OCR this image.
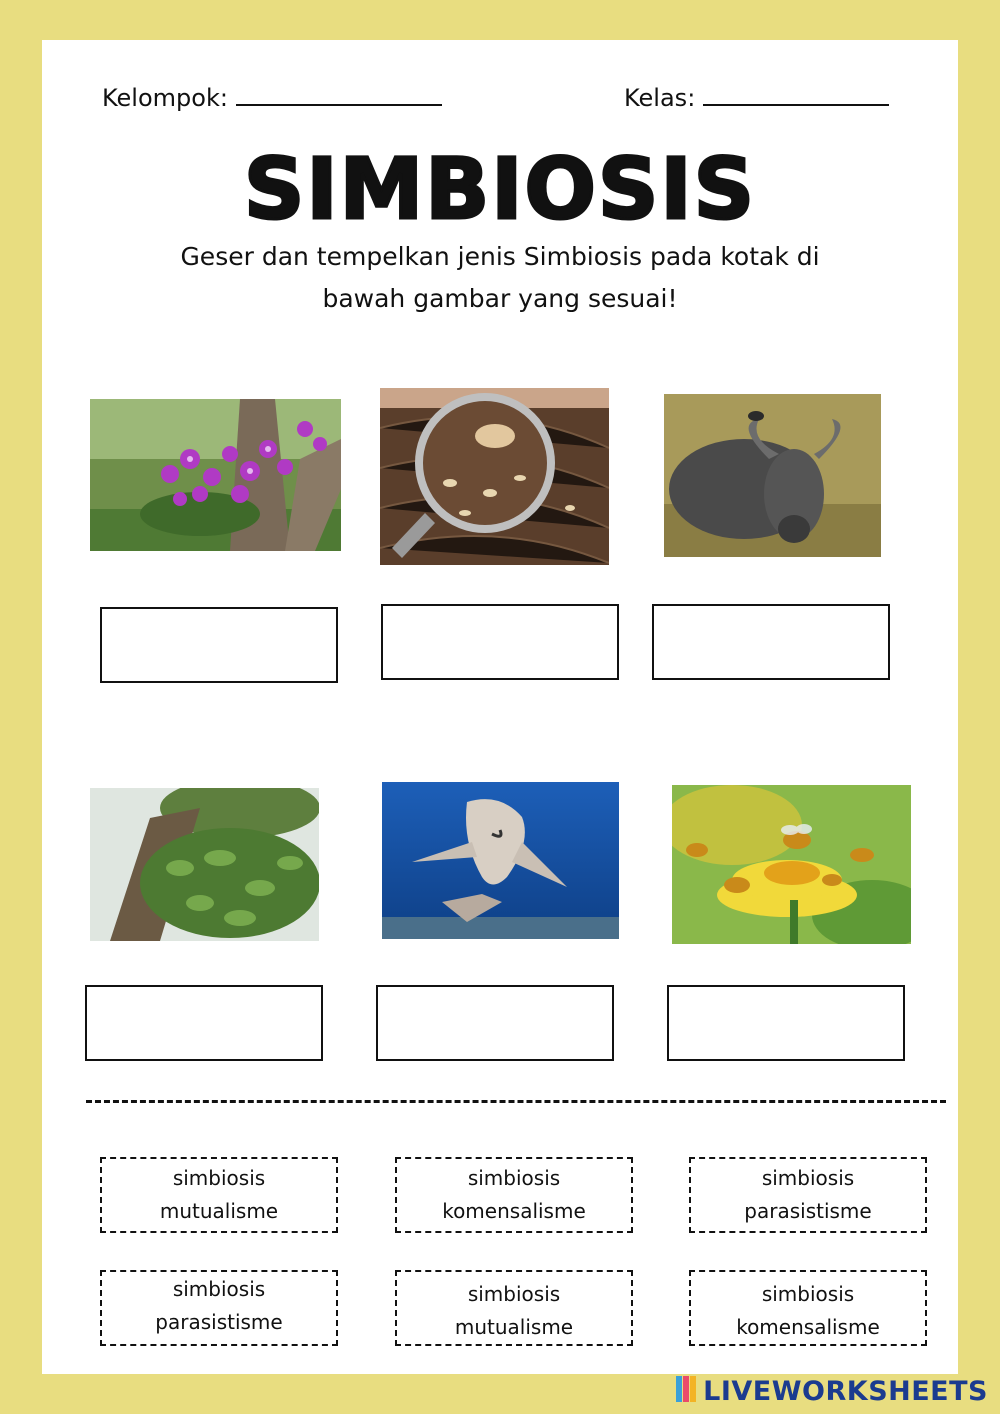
Kelompok:	Kelas:
SIMBIOSIS
Geser dan tempelkan jenis Simbiosis pada kotak di
bawah gambar yang sesuai!
simbiosis
mutualisme
simbiosis
komensalisme
simbiosis
parasistisme
simbiosis
parasistisme
simbiosis
mutualisme
simbiosis
komensalisme
LIVEWORKSHEETS
